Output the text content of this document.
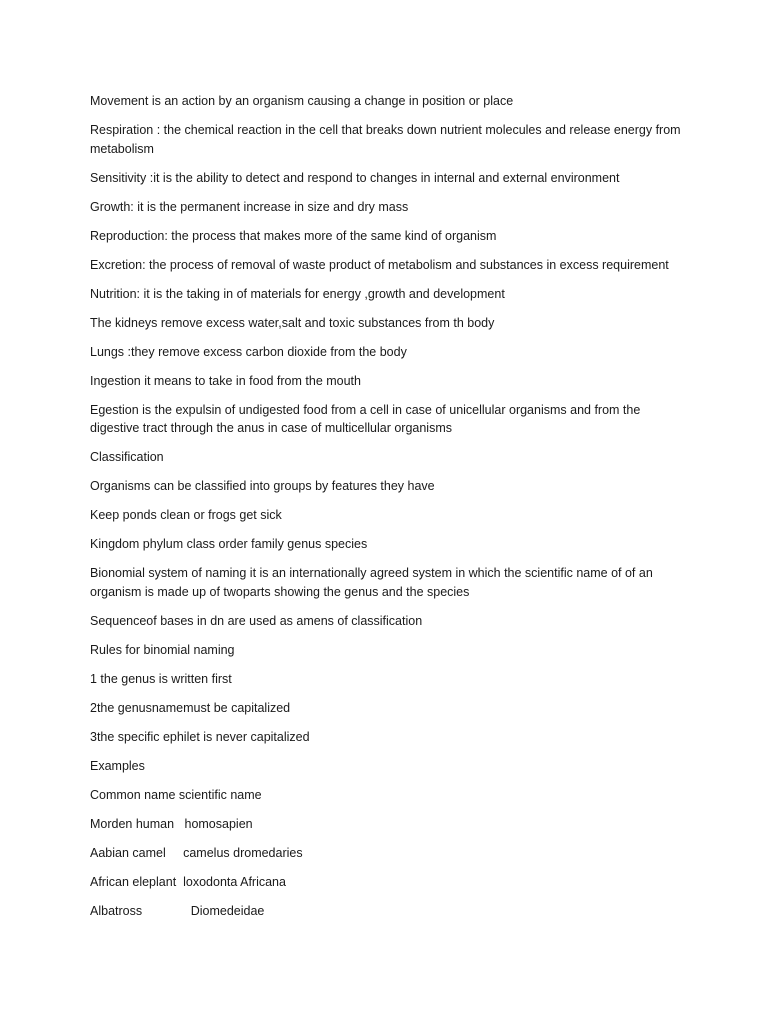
Movement is an action by an organism causing a change in position or place

Respiration : the chemical reaction in the cell that breaks down nutrient molecules and release energy from metabolism

Sensitivity :it is the ability to detect and respond to changes in internal and external environment

Growth: it is the permanent increase in size and dry mass

Reproduction: the process that makes more of the same kind of organism

Excretion: the process of removal of waste product of metabolism and substances in excess requirement

Nutrition: it is the taking in of materials for energy ,growth and development

The kidneys remove excess water,salt and toxic substances from th body

Lungs :they remove excess carbon dioxide from the body

Ingestion it means to take in food from the mouth

Egestion is the expulsin of undigested food from a cell in case of unicellular organisms and from the digestive tract through the anus in case of multicellular organisms

Classification

Organisms can be classified into groups by features they have

Keep ponds clean or frogs get sick

Kingdom phylum class order family genus species

Bionomial system of naming it is an internationally agreed system in which the scientific name of of an organism is made up of twoparts showing the genus and the species

Sequenceof bases in dn are used as amens of classification

Rules for binomial naming

1 the genus is written first

2the genusnamemust be capitalized

3the specific ephilet is never capitalized

Examples

Common name scientific name

Morden human   homosapien

Aabian camel     camelus dromedaries

African eleplant  loxodonta Africana

Albatross              Diomedeidae
